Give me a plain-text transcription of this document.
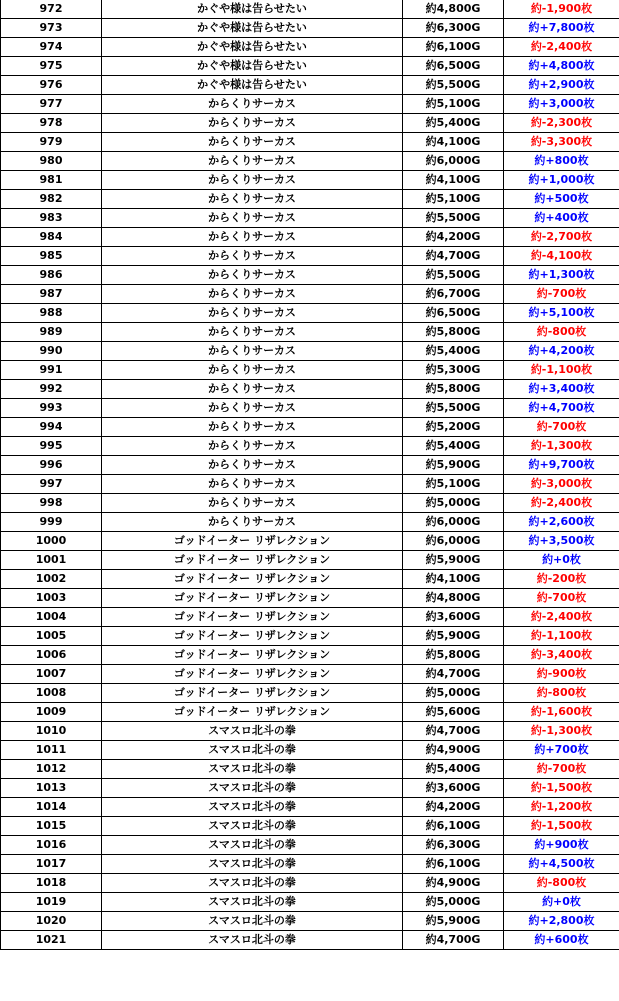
972	かぐや様は告らせたい	約4,800G	約-1,900枚
973	かぐや様は告らせたい	約6,300G	約+7,800枚
974	かぐや様は告らせたい	約6,100G	約-2,400枚
975	かぐや様は告らせたい	約6,500G	約+4,800枚
976	かぐや様は告らせたい	約5,500G	約+2,900枚
977	からくりサーカス	約5,100G	約+3,000枚
978	からくりサーカス	約5,400G	約-2,300枚
979	からくりサーカス	約4,100G	約-3,300枚
980	からくりサーカス	約6,000G	約+800枚
981	からくりサーカス	約4,100G	約+1,000枚
982	からくりサーカス	約5,100G	約+500枚
983	からくりサーカス	約5,500G	約+400枚
984	からくりサーカス	約4,200G	約-2,700枚
985	からくりサーカス	約4,700G	約-4,100枚
986	からくりサーカス	約5,500G	約+1,300枚
987	からくりサーカス	約6,700G	約-700枚
988	からくりサーカス	約6,500G	約+5,100枚
989	からくりサーカス	約5,800G	約-800枚
990	からくりサーカス	約5,400G	約+4,200枚
991	からくりサーカス	約5,300G	約-1,100枚
992	からくりサーカス	約5,800G	約+3,400枚
993	からくりサーカス	約5,500G	約+4,700枚
994	からくりサーカス	約5,200G	約-700枚
995	からくりサーカス	約5,400G	約-1,300枚
996	からくりサーカス	約5,900G	約+9,700枚
997	からくりサーカス	約5,100G	約-3,000枚
998	からくりサーカス	約5,000G	約-2,400枚
999	からくりサーカス	約6,000G	約+2,600枚
1000	ゴッドイーター リザレクション	約6,000G	約+3,500枚
1001	ゴッドイーター リザレクション	約5,900G	約+0枚
1002	ゴッドイーター リザレクション	約4,100G	約-200枚
1003	ゴッドイーター リザレクション	約4,800G	約-700枚
1004	ゴッドイーター リザレクション	約3,600G	約-2,400枚
1005	ゴッドイーター リザレクション	約5,900G	約-1,100枚
1006	ゴッドイーター リザレクション	約5,800G	約-3,400枚
1007	ゴッドイーター リザレクション	約4,700G	約-900枚
1008	ゴッドイーター リザレクション	約5,000G	約-800枚
1009	ゴッドイーター リザレクション	約5,600G	約-1,600枚
1010	スマスロ北斗の拳	約4,700G	約-1,300枚
1011	スマスロ北斗の拳	約4,900G	約+700枚
1012	スマスロ北斗の拳	約5,400G	約-700枚
1013	スマスロ北斗の拳	約3,600G	約-1,500枚
1014	スマスロ北斗の拳	約4,200G	約-1,200枚
1015	スマスロ北斗の拳	約6,100G	約-1,500枚
1016	スマスロ北斗の拳	約6,300G	約+900枚
1017	スマスロ北斗の拳	約6,100G	約+4,500枚
1018	スマスロ北斗の拳	約4,900G	約-800枚
1019	スマスロ北斗の拳	約5,000G	約+0枚
1020	スマスロ北斗の拳	約5,900G	約+2,800枚
1021	スマスロ北斗の拳	約4,700G	約+600枚
